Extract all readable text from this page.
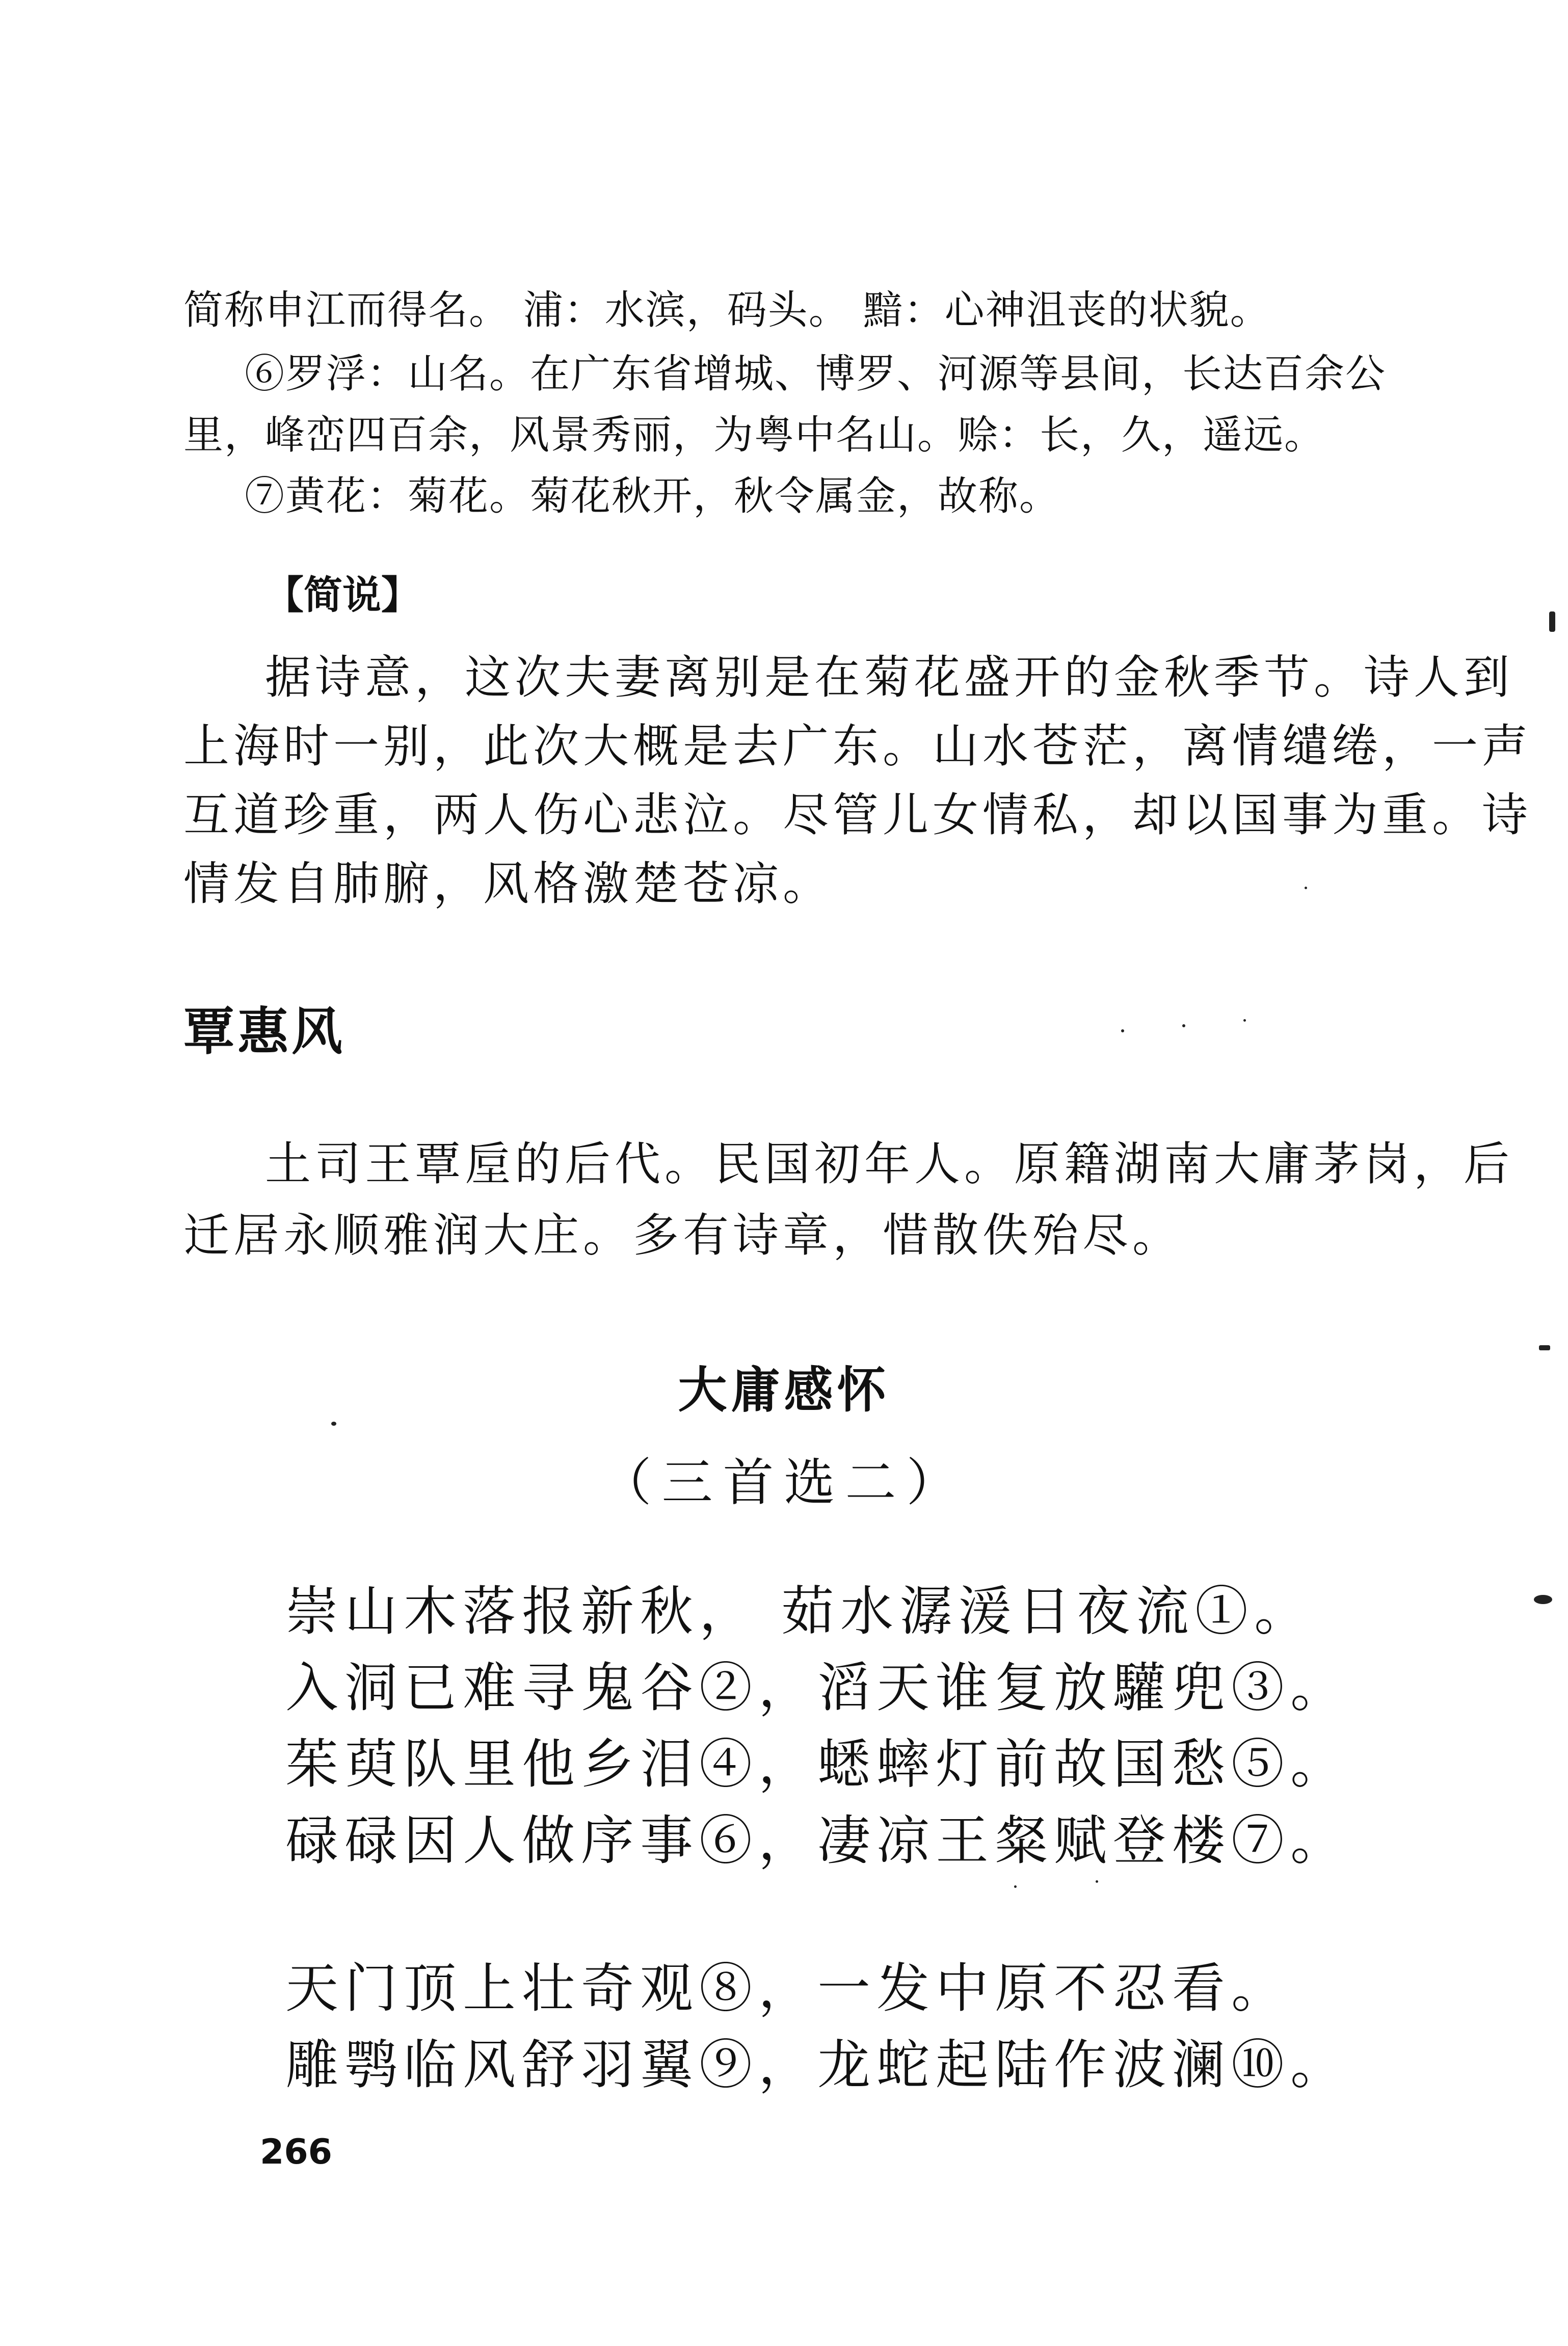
简称申江而得名。 浦：水滨，码头。 黯：心神沮丧的状貌。
⑥罗浮：山名。在广东省增城、博罗、河源等县间，长达百余公
里，峰峦四百余，风景秀丽，为粤中名山。赊：长，久，遥远。
⑦黄花：菊花。菊花秋开，秋令属金，故称。
【简说】
据诗意，这次夫妻离别是在菊花盛开的金秋季节。诗人到
上海时一别，此次大概是去广东。山水苍茫，离情缱绻，一声
互道珍重，两人伤心悲泣。尽管儿女情私，却以国事为重。诗
情发自肺腑，风格激楚苍凉。
覃惠风
土司王覃垕的后代。民国初年人。原籍湖南大庸茅岗，后
迁居永顺雅润大庄。多有诗章，惜散佚殆尽。
大庸感怀
（三首选二）
崇山木落报新秋， 茹水潺湲日夜流①。
入洞已难寻鬼谷②，滔天谁复放驩兜③。
茱萸队里他乡泪④，蟋蟀灯前故国愁⑤。
碌碌因人做序事⑥，凄凉王粲赋登楼⑦。
天门顶上壮奇观⑧，一发中原不忍看。
雕鹗临风舒羽翼⑨，龙蛇起陆作波澜⑩。
266
